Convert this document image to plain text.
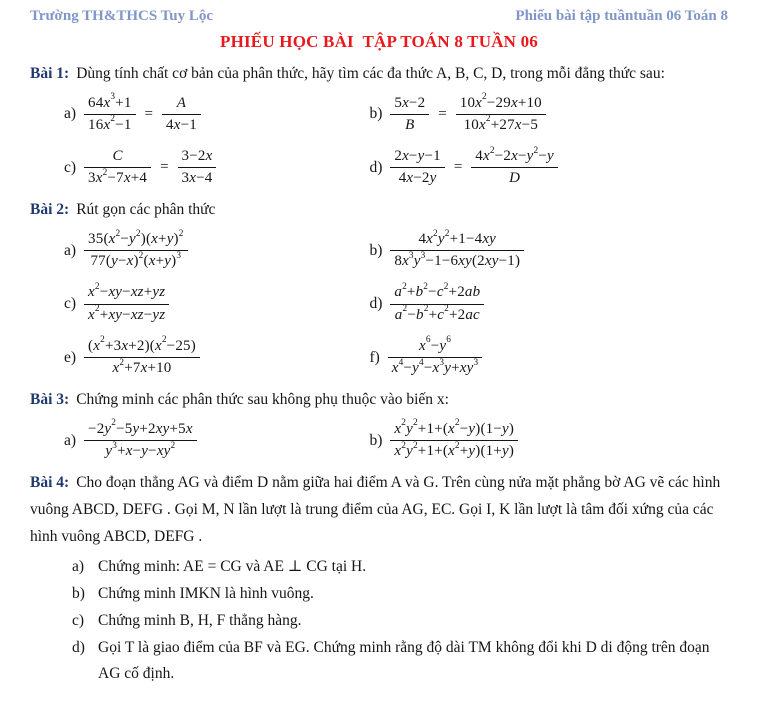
Trường TH&THCS Tuy Lộc	Phiếu bài tập tuầntuần 06 Toán 8
PHIẾU HỌC BÀI  TẬP TOÁN 8 TUẦN 06

Bài 1: Dùng tính chất cơ bản của phân thức, hãy tìm các đa thức A, B, C, D, trong mỗi đẳng thức sau:

$a) \frac{64x^3+1}{16x^2-1} = \frac{A}{4x-1}$	$b) \frac{5x-2}{B} = \frac{10x^2-29x+10}{10x^2+27x-5}$
$c) \frac{C}{3x^2-7x+4} = \frac{3-2x}{3x-4}$	$d) \frac{2x-y-1}{4x-2y} = \frac{4x^2-2x-y^2-y}{D}$

Bài 2: Rút gọn các phân thức

$a) \frac{35(x^2-y^2)(x+y)^2}{77(y-x)^2(x+y)^3}$	$b) \frac{4x^2y^2+1-4xy}{8x^3y^3-1-6xy(2xy-1)}$
$c) \frac{x^2-xy-xz+yz}{x^2+xy-xz-yz}$	$d) \frac{a^2+b^2-c^2+2ab}{a^2-b^2+c^2+2ac}$
$e) \frac{(x^2+3x+2)(x^2-25)}{x^2+7x+10}$	$f) \frac{x^6-y^6}{x^4-y^4-x^3y+xy^3}$

Bài 3: Chứng minh các phân thức sau không phụ thuộc vào biến x:

$a) \frac{-2y^2-5y+2xy+5x}{y^3+x-y-xy^2}$	$b) \frac{x^2y^2+1+(x^2-y)(1-y)}{x^2y^2+1+(x^2+y)(1+y)}$

Bài 4: Cho đoạn thẳng AG và điểm D nằm giữa hai điểm A và G. Trên cùng nửa mặt phẳng bờ AG vẽ các hình vuông ABCD, DEFG . Gọi M, N lần lượt là trung điểm của AG, EC. Gọi I, K lần lượt là tâm đối xứng của các hình vuông ABCD, DEFG .

a) Chứng minh: AE = CG và AE ⊥ CG tại H.
b) Chứng minh IMKN là hình vuông.
c) Chứng minh B, H, F thẳng hàng.
d) Gọi T là giao điểm của BF và EG. Chứng minh rằng độ dài TM không đổi khi D di động trên đoạn AG cố định.
